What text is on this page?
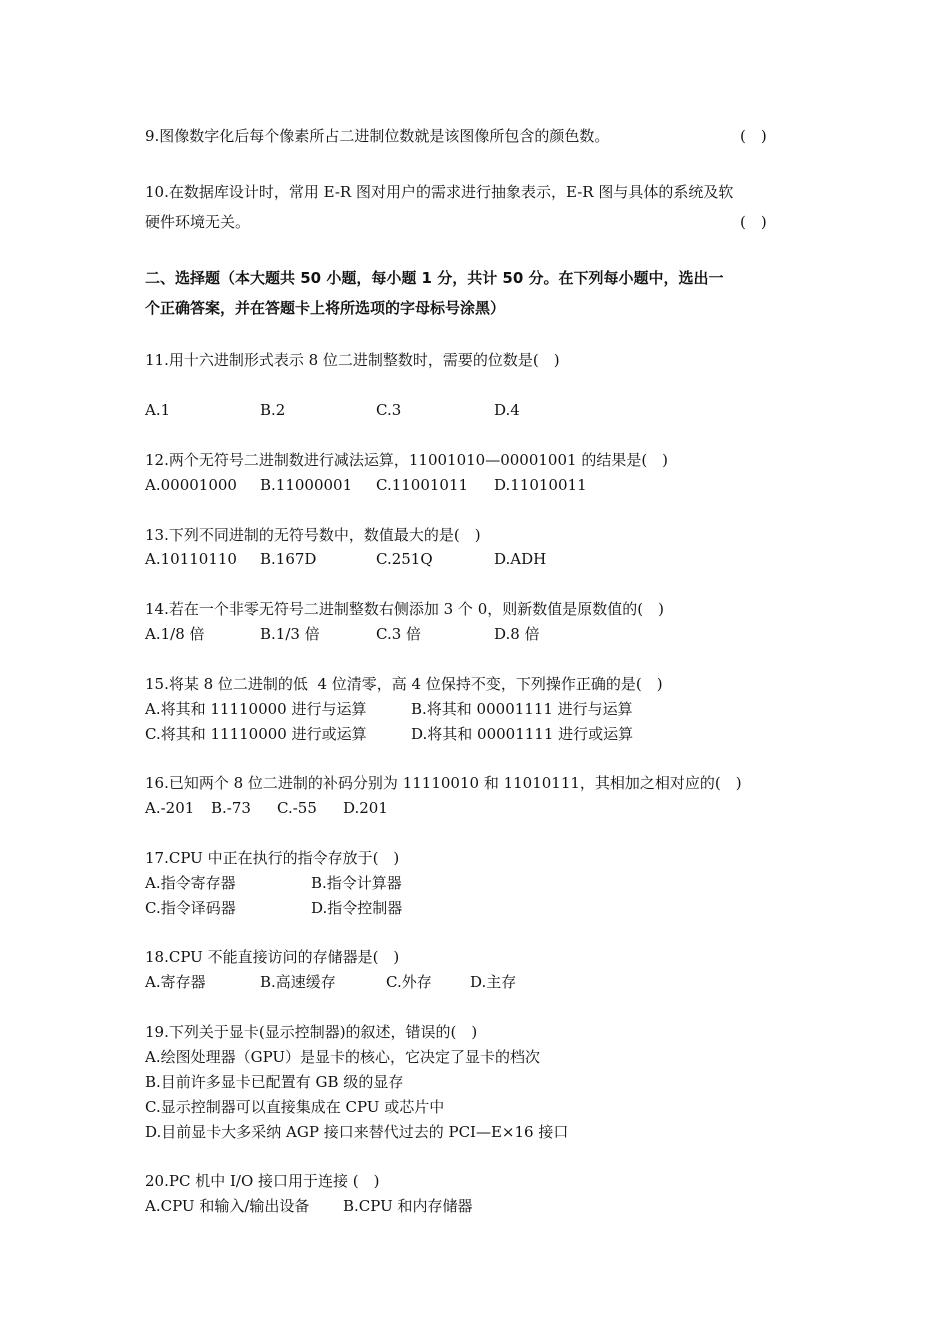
9.图像数字化后每个像素所占二进制位数就是该图像所包含的颜色数。	(　)
10.在数据库设计时，常用 E-R 图对用户的需求进行抽象表示，E-R 图与具体的系统及软
硬件环境无关。	(　)
二、选择题（本大题共 50 小题，每小题 1 分，共计 50 分。在下列每小题中，选出一
个正确答案，并在答题卡上将所选项的字母标号涂黑）
11.用十六进制形式表示 8 位二进制整数时，需要的位数是(　)
A.1	B.2	C.3	D.4
12.两个无符号二进制数进行减法运算，11001010—00001001 的结果是(　)
A.00001000 B.11000001 C.11001011 D.11010011
13.下列不同进制的无符号数中，数值最大的是(　)
A.10110110 B.167D	C.251Q	D.ADH
14.若在一个非零无符号二进制整数右侧添加 3 个 0，则新数值是原数值的(　)
A.1/8 倍	B.1/3 倍	C.3 倍	D.8 倍
15.将某 8 位二进制的低  4 位清零，高 4 位保持不变，下列操作正确的是(　)
A.将其和 11110000 进行与运算	B.将其和 00001111 进行与运算
C.将其和 11110000 进行或运算	D.将其和 00001111 进行或运算
16.已知两个 8 位二进制的补码分别为 11110010 和 11010111，其相加之相对应的(　)
A.-201 B.-73 C.-55 D.201
17.CPU 中正在执行的指令存放于(　)
A.指令寄存器	B.指令计算器
C.指令译码器	D.指令控制器
18.CPU 不能直接访问的存储器是(　)
A.寄存器	B.高速缓存	C.外存	D.主存
19.下列关于显卡(显示控制器)的叙述，错误的(　)
A.绘图处理器（GPU）是显卡的核心，它决定了显卡的档次
B.目前许多显卡已配置有 GB 级的显存
C.显示控制器可以直接集成在 CPU 或芯片中
D.目前显卡大多采纳 AGP 接口来替代过去的 PCI—E×16 接口
20.PC 机中 I/O 接口用于连接 (　)
A.CPU 和输入/输出设备 B.CPU 和内存储器
